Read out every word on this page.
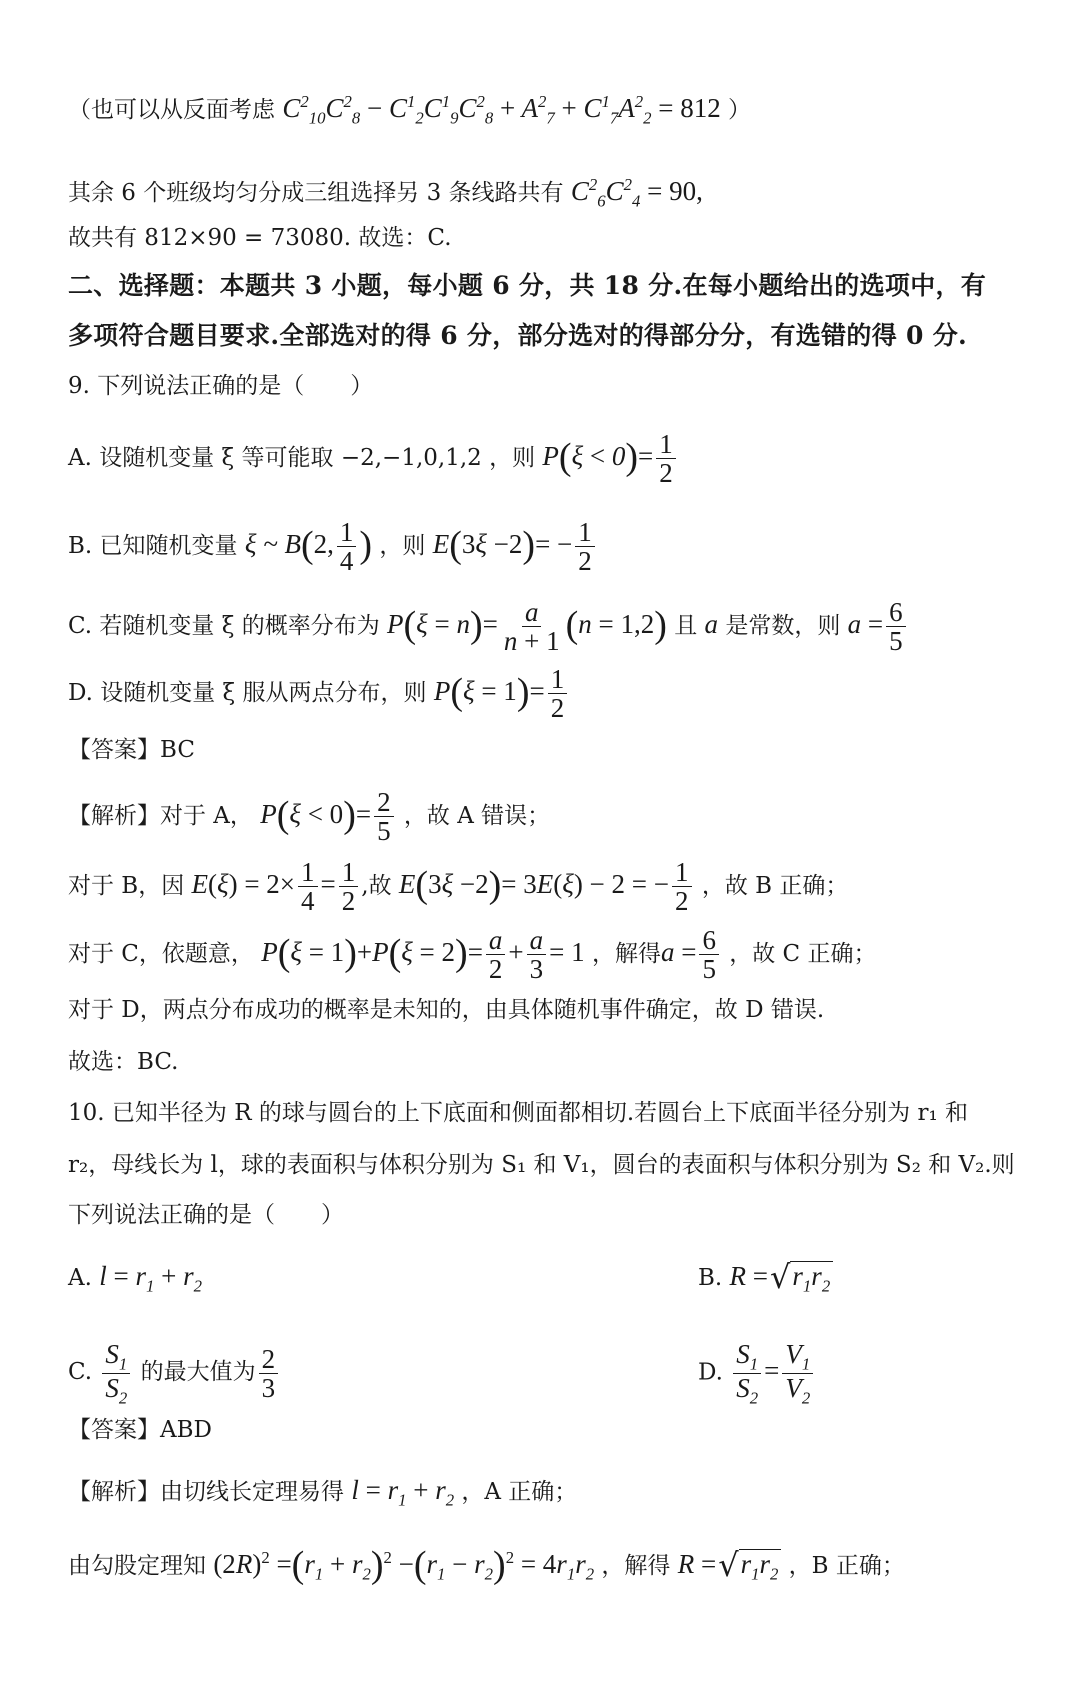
（也可以从反面考虑 $C^2_{10}C^2_8 - C^1_2C^1_9C^2_8 + A^2_7 + C^1_7A^2_2 = 812$ ）
其余 6 个班级均匀分成三组选择另 3 条线路共有 $C^2_6C^2_4 = 90$,
故共有 812×90 = 73080. 故选：C.
二、选择题：本题共 3 小题，每小题 6 分，共 18 分.在每小题给出的选项中，有
多项符合题目要求.全部选对的得 6 分，部分选对的得部分分，有选错的得 0 分.
9. 下列说法正确的是（　　）
A. 设随机变量 ξ 等可能取 −2,−1,0,1,2 ，则 $P(\xi < 0)= \frac{1}{2}$
B. 已知随机变量 ξ ~ B(2, $\frac{1}{4}$ ) ，则 $E(3\xi -2)= - \frac{1}{2}$
C. 若随机变量 ξ 的概率分布为 $P(\xi = n)= \frac{a}{n + 1} (n = 1,2)$ 且 a 是常数，则 $a = \frac{6}{5}$
D. 设随机变量 ξ 服从两点分布，则 $P(\xi = 1)= \frac{1}{2}$
【答案】BC
【解析】对于 A， $P(\xi < 0)= \frac{2}{5}$ ，故 A 错误；
对于 B，因 $E(\xi) = 2\times \frac{1}{4} = \frac{1}{2}$ ,故 E(3ξ −2)= 3E(ξ) − 2 = − $\frac{1}{2}$ ，故 B 正确；
对于 C，依题意， $P(\xi = 1)+P(\xi = 2)= \frac{a}{2} + \frac{a}{3} = 1$ ，解得$a = \frac{6}{5}$ ，故 C 正确；
对于 D，两点分布成功的概率是未知的，由具体随机事件确定，故 D 错误.
故选：BC.
10. 已知半径为 R 的球与圆台的上下底面和侧面都相切.若圆台上下底面半径分别为 r₁ 和
r₂，母线长为 l，球的表面积与体积分别为 S₁ 和 V₁，圆台的表面积与体积分别为 S₂ 和 V₂.则
下列说法正确的是（　　）
A. $l = r_1 + r_2$	B. $R =√r_1r_2$
C. $\frac{S_1}{S_2}$ 的最大值为 $\frac{2}{3}$	D. $\frac{S_1}{S_2} = \frac{V_1}{V_2}$
【答案】ABD
【解析】由切线长定理易得 $l = r_1 + r_2$ ，A 正确；
由勾股定理知 $(2R)^2 =(r_1 + r_2)^2 -(r_1 - r_2)^2 = 4r_1r_2$ ，解得 $R =√r_1r_2$ ，B 正确；
